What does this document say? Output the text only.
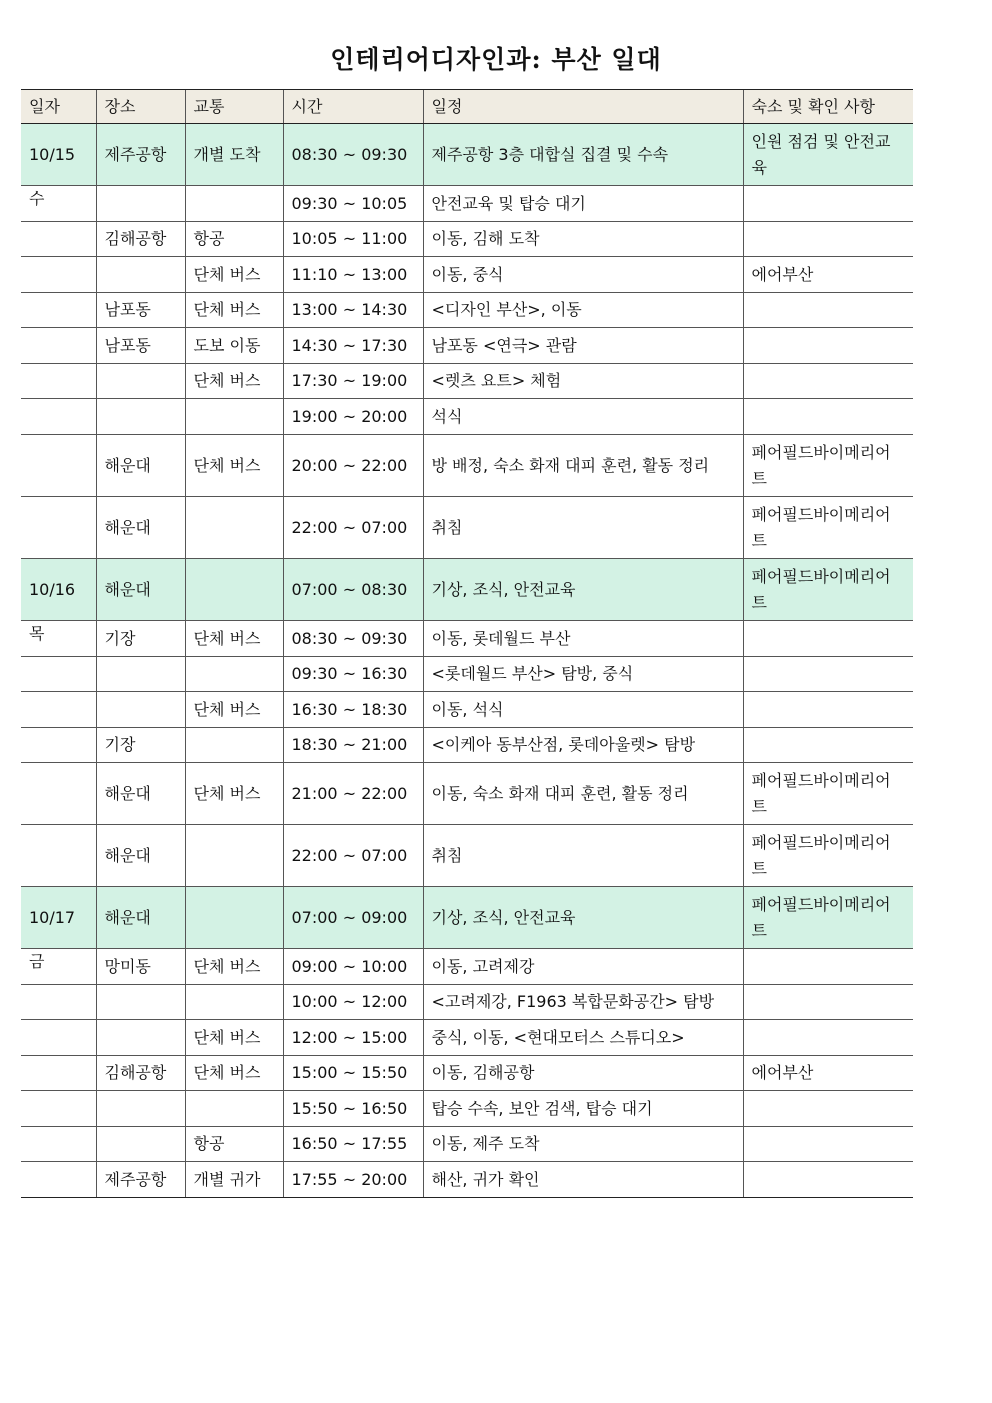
인테리어디자인과: 부산 일대
일자	장소	교통	시간	일정	숙소 및 확인 사항
10/15	제주공항	개별 도착	08:30 ~ 09:30	제주공항 3층 대합실 집결 및 수속	인원 점검 및 안전교육
수			09:30 ~ 10:05	안전교육 및 탑승 대기	
	김해공항	항공	10:05 ~ 11:00	이동, 김해 도착	
		단체 버스	11:10 ~ 13:00	이동, 중식	에어부산
	남포동	단체 버스	13:00 ~ 14:30	<디자인 부산>, 이동	
	남포동	도보 이동	14:30 ~ 17:30	남포동 <연극> 관람	
		단체 버스	17:30 ~ 19:00	<렛츠 요트> 체험	
			19:00 ~ 20:00	석식	
	해운대	단체 버스	20:00 ~ 22:00	방 배정, 숙소 화재 대피 훈련, 활동 정리	페어필드바이메리어트
	해운대		22:00 ~ 07:00	취침	페어필드바이메리어트
10/16	해운대		07:00 ~ 08:30	기상, 조식, 안전교육	페어필드바이메리어트
목	기장	단체 버스	08:30 ~ 09:30	이동, 롯데월드 부산	
			09:30 ~ 16:30	<롯데월드 부산> 탐방, 중식	
		단체 버스	16:30 ~ 18:30	이동, 석식	
	기장		18:30 ~ 21:00	<이케아 동부산점, 롯데아울렛> 탐방	
	해운대	단체 버스	21:00 ~ 22:00	이동, 숙소 화재 대피 훈련, 활동 정리	페어필드바이메리어트
	해운대		22:00 ~ 07:00	취침	페어필드바이메리어트
10/17	해운대		07:00 ~ 09:00	기상, 조식, 안전교육	페어필드바이메리어트
금	망미동	단체 버스	09:00 ~ 10:00	이동, 고려제강	
			10:00 ~ 12:00	<고려제강, F1963 복합문화공간> 탐방	
		단체 버스	12:00 ~ 15:00	중식, 이동, <현대모터스 스튜디오>	
	김해공항	단체 버스	15:00 ~ 15:50	이동, 김해공항	에어부산
			15:50 ~ 16:50	탑승 수속, 보안 검색, 탑승 대기	
		항공	16:50 ~ 17:55	이동, 제주 도착	
	제주공항	개별 귀가	17:55 ~ 20:00	해산, 귀가 확인	
